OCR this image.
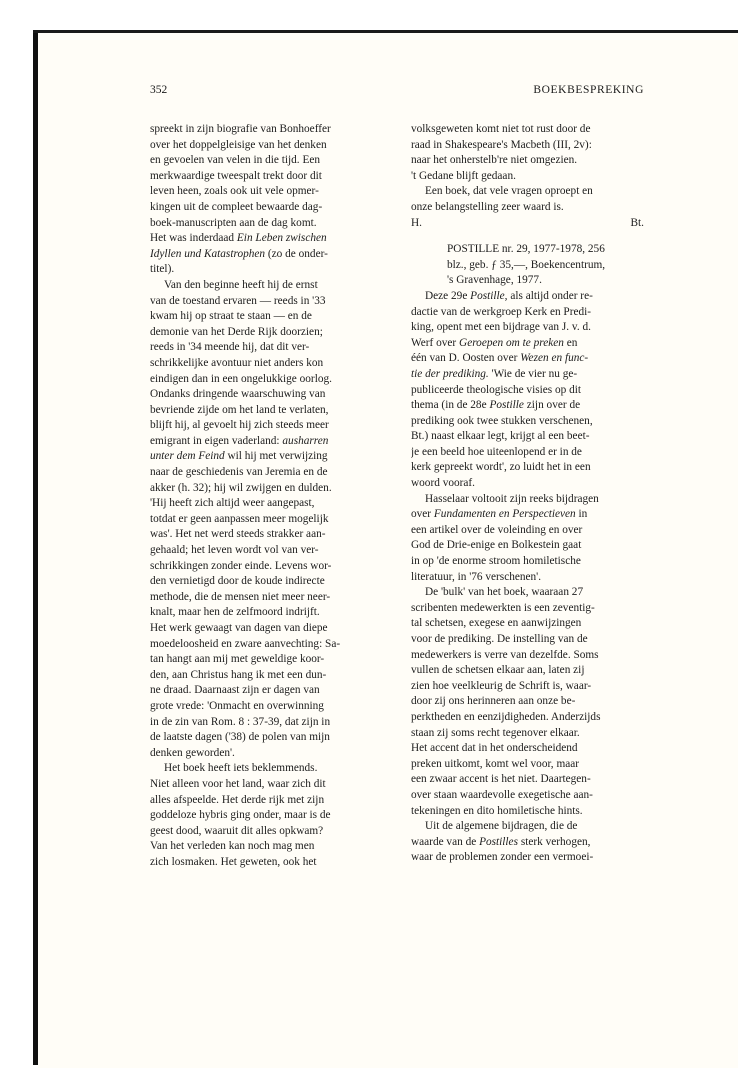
352	BOEKBESPREKING
spreekt in zijn biografie van Bonhoeffer
over het doppelgleisige van het denken
en gevoelen van velen in die tijd. Een
merkwaardige tweespalt trekt door dit
leven heen, zoals ook uit vele opmer-
kingen uit de compleet bewaarde dag-
boek-manuscripten aan de dag komt.
Het was inderdaad Ein Leben zwischen
Idyllen und Katastrophen (zo de onder-
titel).
Van den beginne heeft hij de ernst
van de toestand ervaren — reeds in '33
kwam hij op straat te staan — en de
demonie van het Derde Rijk doorzien;
reeds in '34 meende hij, dat dit ver-
schrikkelijke avontuur niet anders kon
eindigen dan in een ongelukkige oorlog.
Ondanks dringende waarschuwing van
bevriende zijde om het land te verlaten,
blijft hij, al gevoelt hij zich steeds meer
emigrant in eigen vaderland: ausharren
unter dem Feind wil hij met verwijzing
naar de geschiedenis van Jeremia en de
akker (h. 32); hij wil zwijgen en dulden.
'Hij heeft zich altijd weer aangepast,
totdat er geen aanpassen meer mogelijk
was'. Het net werd steeds strakker aan-
gehaald; het leven wordt vol van ver-
schrikkingen zonder einde. Levens wor-
den vernietigd door de koude indirecte
methode, die de mensen niet meer neer-
knalt, maar hen de zelfmoord indrijft.
Het werk gewaagt van dagen van diepe
moedeloosheid en zware aanvechting: Sa-
tan hangt aan mij met geweldige koor-
den, aan Christus hang ik met een dun-
ne draad. Daarnaast zijn er dagen van
grote vrede: 'Onmacht en overwinning
in de zin van Rom. 8 : 37-39, dat zijn in
de laatste dagen ('38) de polen van mijn
denken geworden'.
Het boek heeft iets beklemmends.
Niet alleen voor het land, waar zich dit
alles afspeelde. Het derde rijk met zijn
goddeloze hybris ging onder, maar is de
geest dood, waaruit dit alles opkwam?
Van het verleden kan noch mag men
zich losmaken. Het geweten, ook het
volksgeweten komt niet tot rust door de
raad in Shakespeare's Macbeth (III, 2v):
naar het onherstelb're niet omgezien.
't Gedane blijft gedaan.
Een boek, dat vele vragen oproept en
onze belangstelling zeer waard is.
H.	Bt.
POSTILLE nr. 29, 1977-1978, 256
blz., geb. ƒ 35,—, Boekencentrum,
's Gravenhage, 1977.
Deze 29e Postille, als altijd onder re-
dactie van de werkgroep Kerk en Predi-
king, opent met een bijdrage van J. v. d.
Werf over Geroepen om te preken en
één van D. Oosten over Wezen en func-
tie der prediking. 'Wie de vier nu ge-
publiceerde theologische visies op dit
thema (in de 28e Postille zijn over de
prediking ook twee stukken verschenen,
Bt.) naast elkaar legt, krijgt al een beet-
je een beeld hoe uiteenlopend er in de
kerk gepreekt wordt', zo luidt het in een
woord vooraf.
Hasselaar voltooit zijn reeks bijdragen
over Fundamenten en Perspectieven in
een artikel over de voleinding en over
God de Drie-enige en Bolkestein gaat
in op 'de enorme stroom homiletische
literatuur, in '76 verschenen'.
De 'bulk' van het boek, waaraan 27
scribenten medewerkten is een zeventig-
tal schetsen, exegese en aanwijzingen
voor de prediking. De instelling van de
medewerkers is verre van dezelfde. Soms
vullen de schetsen elkaar aan, laten zij
zien hoe veelkleurig de Schrift is, waar-
door zij ons herinneren aan onze be-
perktheden en eenzijdigheden. Anderzijds
staan zij soms recht tegenover elkaar.
Het accent dat in het onderscheidend
preken uitkomt, komt wel voor, maar
een zwaar accent is het niet. Daartegen-
over staan waardevolle exegetische aan-
tekeningen en dito homiletische hints.
Uit de algemene bijdragen, die de
waarde van de Postilles sterk verhogen,
waar de problemen zonder een vermoei-
